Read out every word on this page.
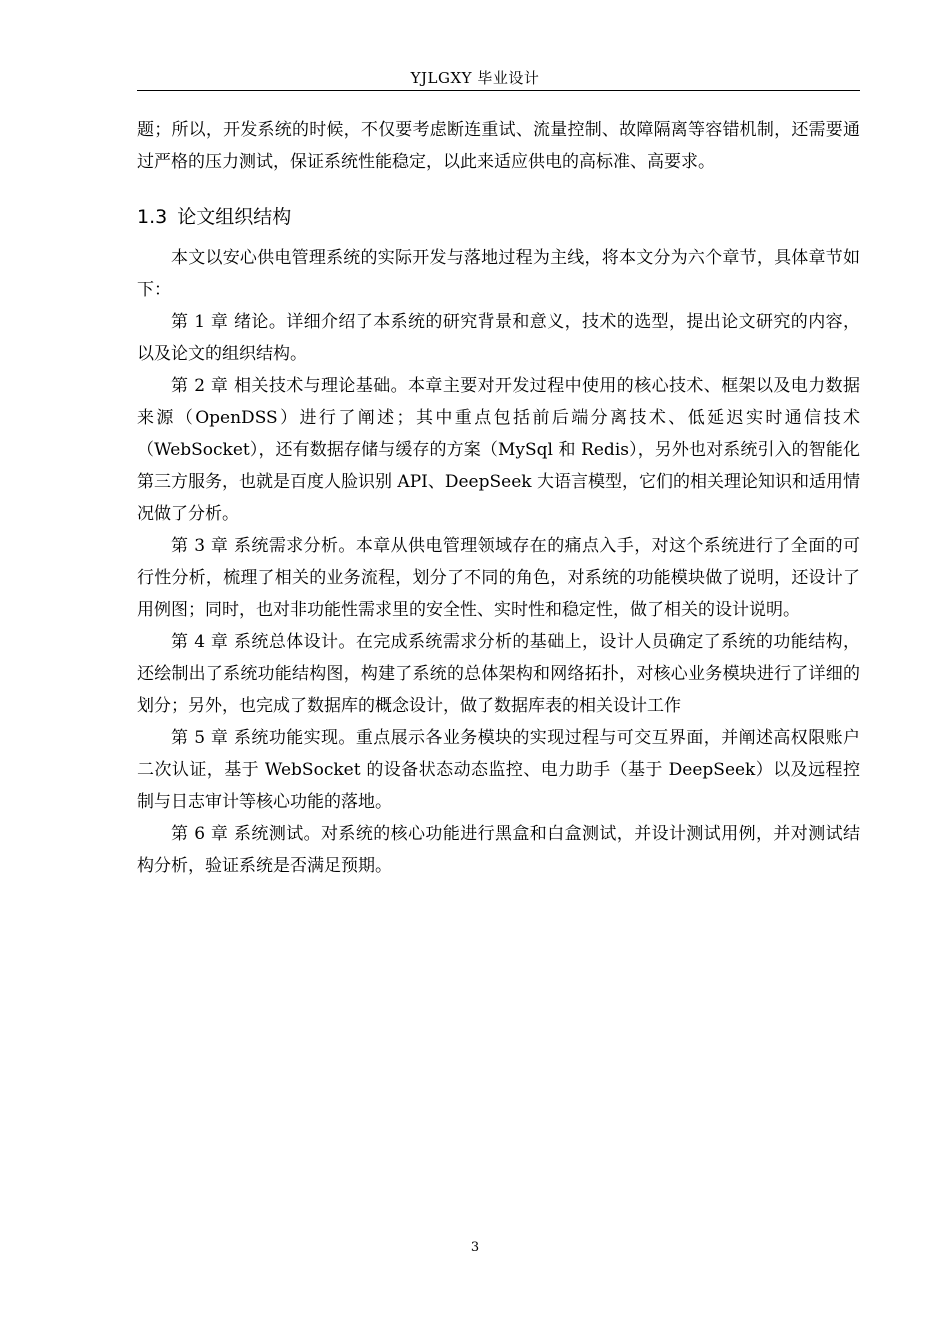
YJLGXY 毕业设计

题；所以，开发系统的时候，不仅要考虑断连重试、流量控制、故障隔离等容错机制，还需要通过严格的压力测试，保证系统性能稳定，以此来适应供电的高标准、高要求。

1.3 论文组织结构

本文以安心供电管理系统的实际开发与落地过程为主线，将本文分为六个章节，具体章节如下：

第 1 章 绪论。详细介绍了本系统的研究背景和意义，技术的选型，提出论文研究的内容，以及论文的组织结构。

第 2 章 相关技术与理论基础。本章主要对开发过程中使用的核心技术、框架以及电力数据来源（OpenDSS）进行了阐述；其中重点包括前后端分离技术、低延迟实时通信技术（WebSocket），还有数据存储与缓存的方案（MySql 和 Redis），另外也对系统引入的智能化第三方服务，也就是百度人脸识别 API、DeepSeek 大语言模型，它们的相关理论知识和适用情况做了分析。

第 3 章 系统需求分析。本章从供电管理领域存在的痛点入手，对这个系统进行了全面的可行性分析，梳理了相关的业务流程，划分了不同的角色，对系统的功能模块做了说明，还设计了用例图；同时，也对非功能性需求里的安全性、实时性和稳定性，做了相关的设计说明。

第 4 章 系统总体设计。在完成系统需求分析的基础上，设计人员确定了系统的功能结构，还绘制出了系统功能结构图，构建了系统的总体架构和网络拓扑，对核心业务模块进行了详细的划分；另外，也完成了数据库的概念设计，做了数据库表的相关设计工作

第 5 章 系统功能实现。重点展示各业务模块的实现过程与可交互界面，并阐述高权限账户二次认证，基于 WebSocket 的设备状态动态监控、电力助手（基于 DeepSeek）以及远程控制与日志审计等核心功能的落地。

第 6 章 系统测试。对系统的核心功能进行黑盒和白盒测试，并设计测试用例，并对测试结构分析，验证系统是否满足预期。

3
